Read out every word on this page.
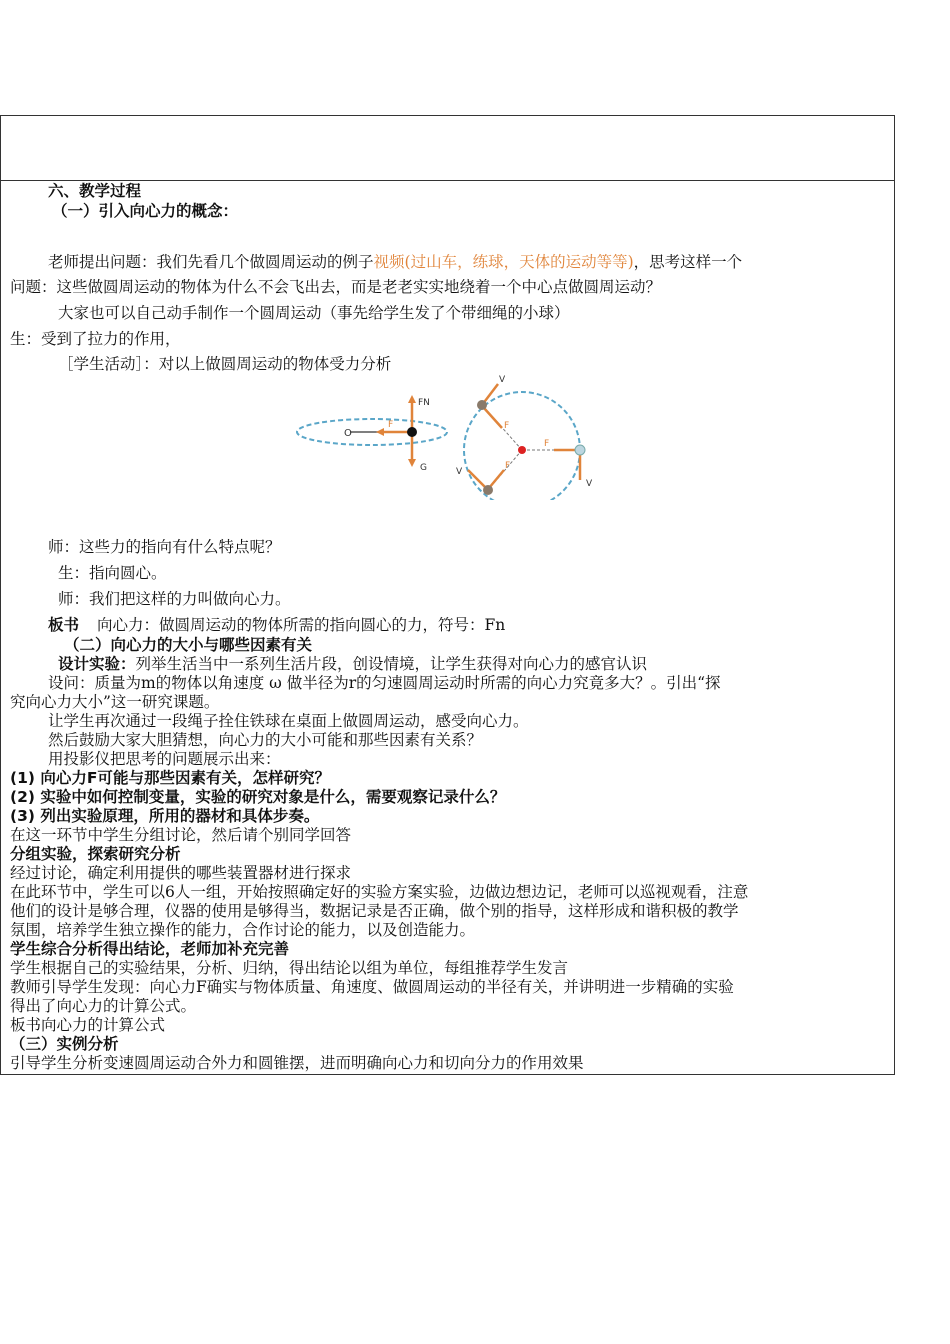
六、教学过程
（一）引入向心力的概念：
老师提出问题：我们先看几个做圆周运动的例子视频(过山车，练球，天体的运动等等)，思考这样一个
问题：这些做圆周运动的物体为什么不会飞出去，而是老老实实地绕着一个中心点做圆周运动？
大家也可以自己动手制作一个圆周运动（事先给学生发了个带细绳的小球）
生：受到了拉力的作用，
［学生活动］：对以上做圆周运动的物体受力分析
O
F
FN
G
V
V
V
F
F
F
师：这些力的指向有什么特点呢？
生：指向圆心。
师：我们把这样的力叫做向心力。
板书 向心力：做圆周运动的物体所需的指向圆心的力，符号：Fn
（二）向心力的大小与哪些因素有关
设计实验：列举生活当中一系列生活片段，创设情境，让学生获得对向心力的感官认识
设问：质量为m的物体以角速度 ω 做半径为r的匀速圆周运动时所需的向心力究竟多大？。引出“探
究向心力大小”这一研究课题。
让学生再次通过一段绳子拴住铁球在桌面上做圆周运动，感受向心力。
然后鼓励大家大胆猜想，向心力的大小可能和那些因素有关系？
用投影仪把思考的问题展示出来：
(1) 向心力F可能与那些因素有关，怎样研究？
(2) 实验中如何控制变量，实验的研究对象是什么，需要观察记录什么？
(3) 列出实验原理，所用的器材和具体步奏。
在这一环节中学生分组讨论，然后请个别同学回答
分组实验，探索研究分析
经过讨论，确定利用提供的哪些装置器材进行探求
在此环节中，学生可以6人一组，开始按照确定好的实验方案实验，边做边想边记，老师可以巡视观看，注意
他们的设计是够合理，仪器的使用是够得当，数据记录是否正确，做个别的指导，这样形成和谐积极的教学
氛围，培养学生独立操作的能力，合作讨论的能力，以及创造能力。
学生综合分析得出结论，老师加补充完善
学生根据自己的实验结果，分析、归纳，得出结论以组为单位，每组推荐学生发言
教师引导学生发现：向心力F确实与物体质量、角速度、做圆周运动的半径有关，并讲明进一步精确的实验
得出了向心力的计算公式。
板书向心力的计算公式
（三）实例分析
引导学生分析变速圆周运动合外力和圆锥摆，进而明确向心力和切向分力的作用效果
